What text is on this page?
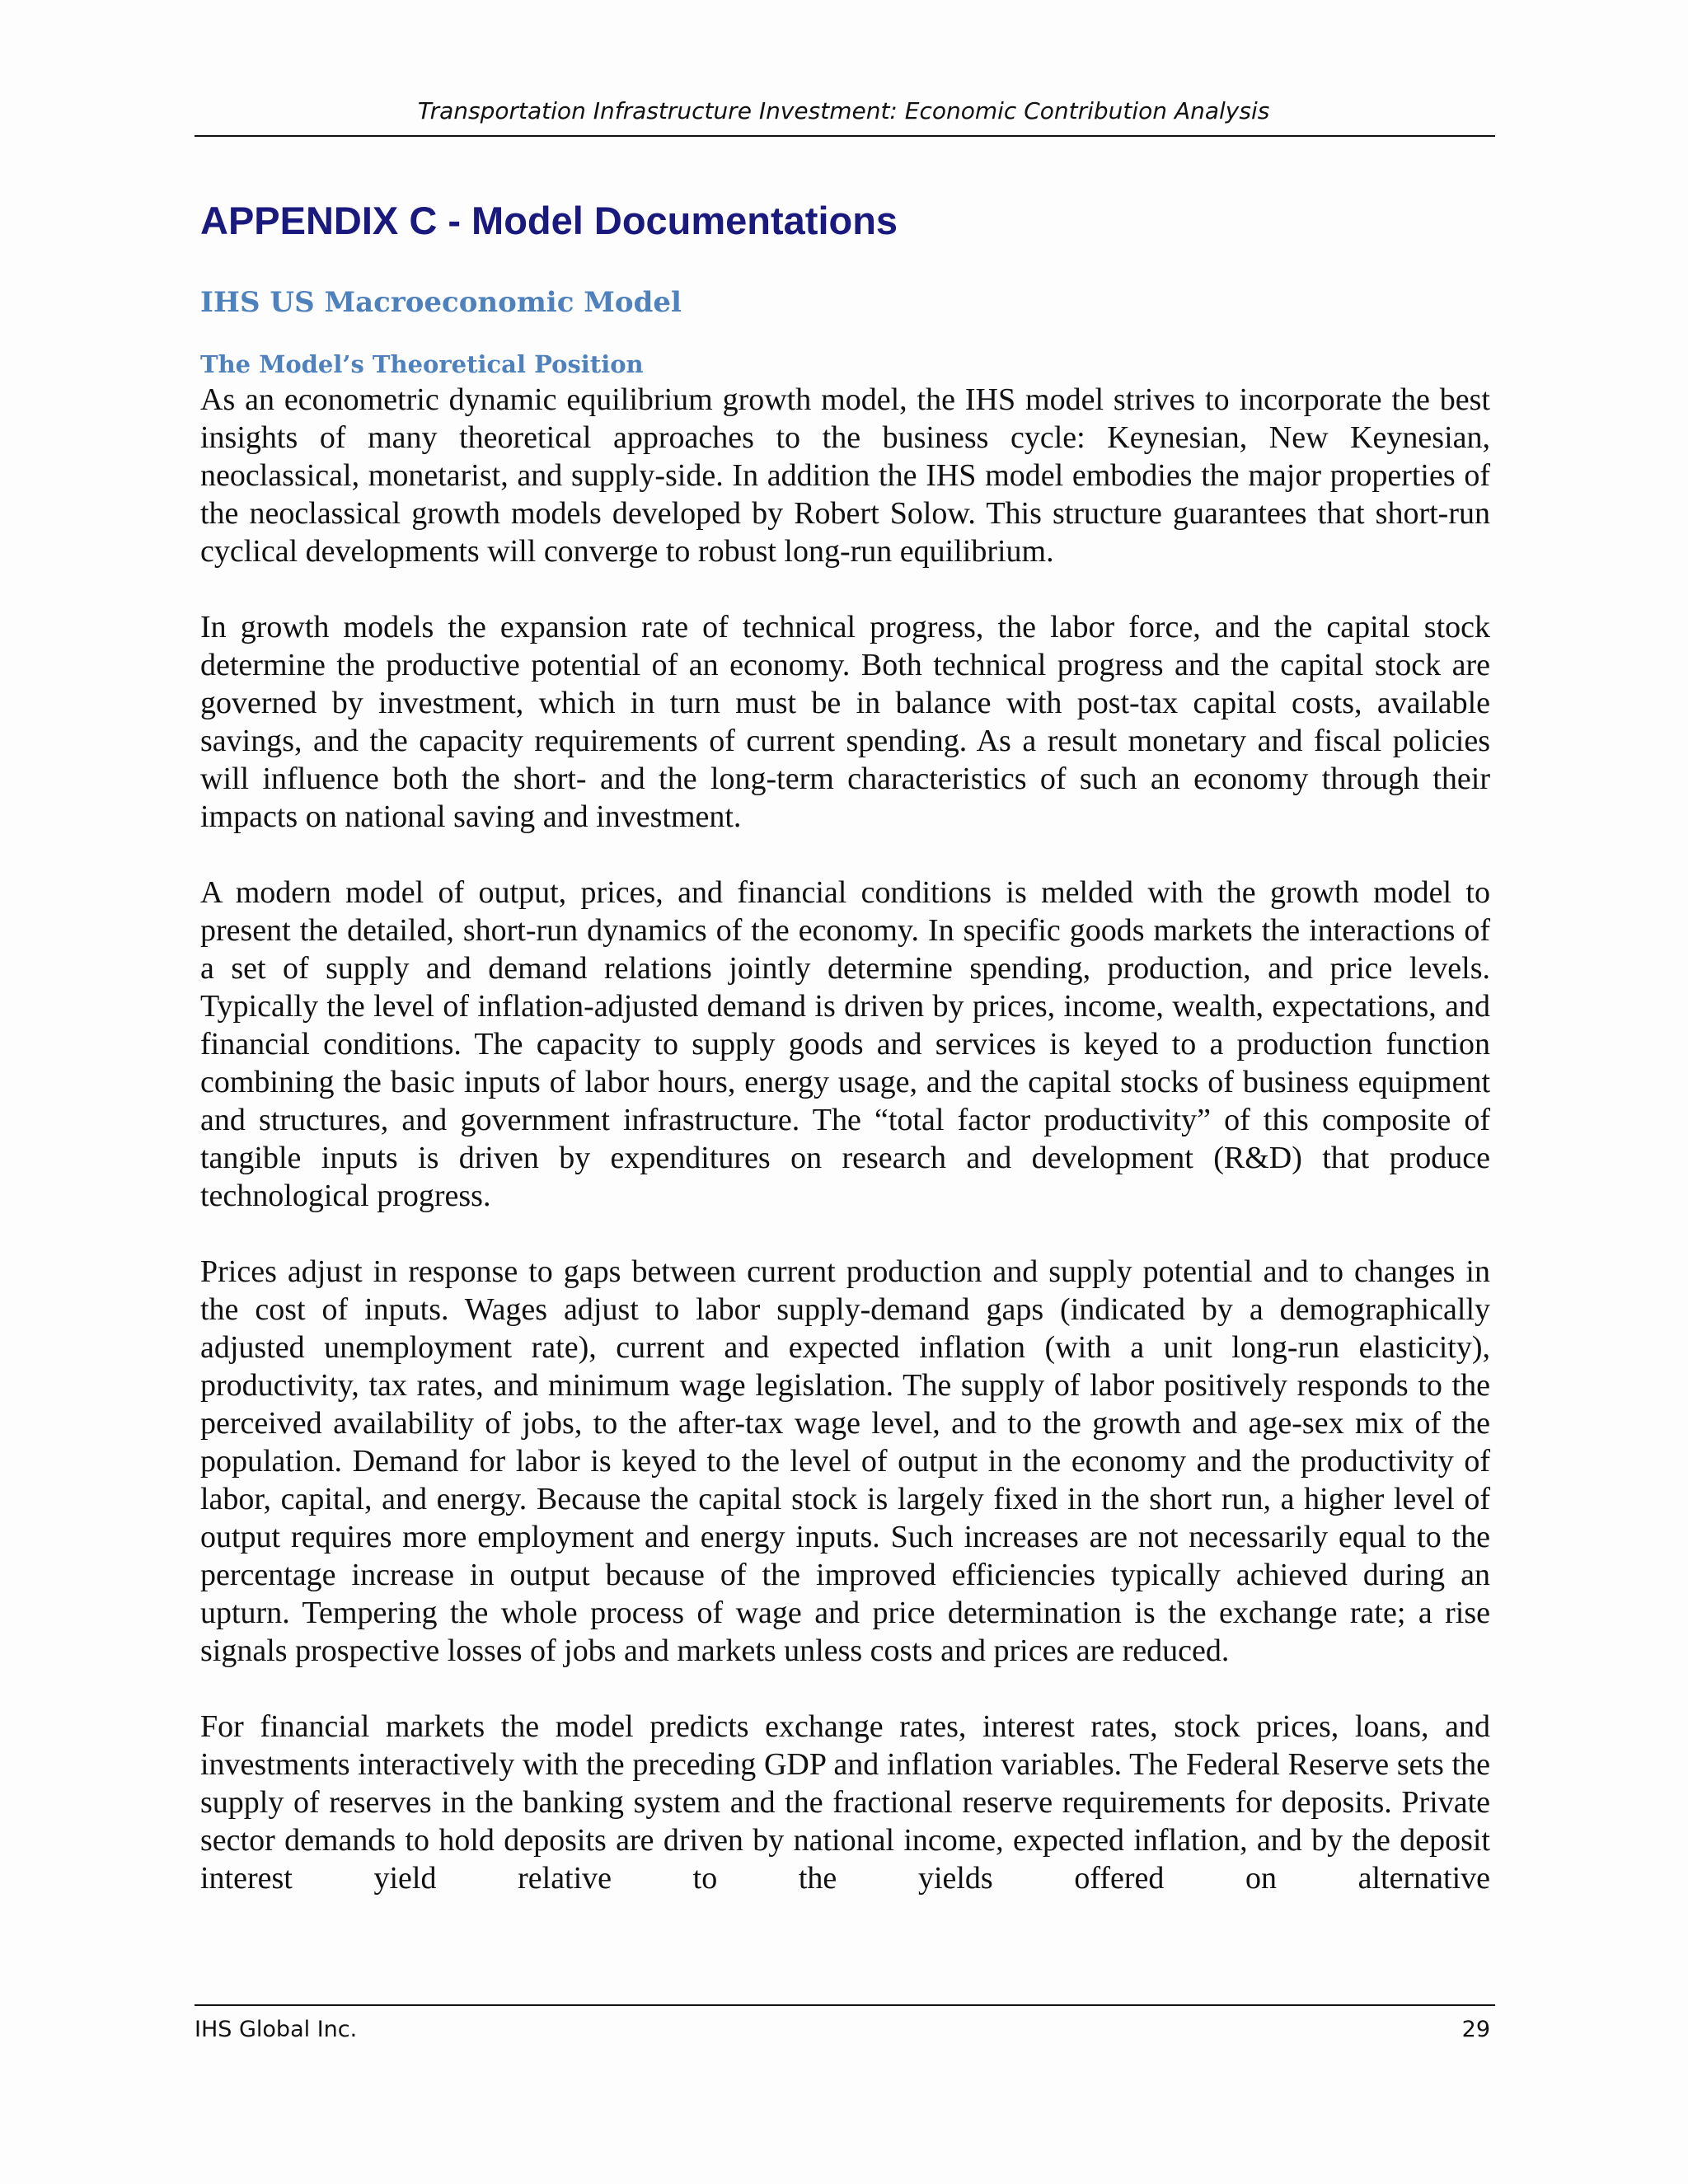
Transportation Infrastructure Investment: Economic Contribution Analysis
APPENDIX C - Model Documentations
IHS US Macroeconomic Model
The Model’s Theoretical Position

As an econometric dynamic equilibrium growth model, the IHS model strives to incorporate the best insights of many theoretical approaches to the business cycle: Keynesian, New Keynesian, neoclassical, monetarist, and supply-side. In addition the IHS model embodies the major properties of the neoclassical growth models developed by Robert Solow. This structure guarantees that short-run cyclical developments will converge to robust long-run equilibrium.

In growth models the expansion rate of technical progress, the labor force, and the capital stock determine the productive potential of an economy. Both technical progress and the capital stock are governed by investment, which in turn must be in balance with post-tax capital costs, available savings, and the capacity requirements of current spending. As a result monetary and fiscal policies will influence both the short- and the long-term characteristics of such an economy through their impacts on national saving and investment.

A modern model of output, prices, and financial conditions is melded with the growth model to present the detailed, short-run dynamics of the economy. In specific goods markets the interactions of a set of supply and demand relations jointly determine spending, production, and price levels. Typically the level of inflation-adjusted demand is driven by prices, income, wealth, expectations, and financial conditions. The capacity to supply goods and services is keyed to a production function combining the basic inputs of labor hours, energy usage, and the capital stocks of business equipment and structures, and government infrastructure. The “total factor productivity” of this composite of tangible inputs is driven by expenditures on research and development (R&D) that produce technological progress.

Prices adjust in response to gaps between current production and supply potential and to changes in the cost of inputs. Wages adjust to labor supply-demand gaps (indicated by a demographically adjusted unemployment rate), current and expected inflation (with a unit long-run elasticity), productivity, tax rates, and minimum wage legislation. The supply of labor positively responds to the perceived availability of jobs, to the after-tax wage level, and to the growth and age-sex mix of the population. Demand for labor is keyed to the level of output in the economy and the productivity of labor, capital, and energy. Because the capital stock is largely fixed in the short run, a higher level of output requires more employment and energy inputs. Such increases are not necessarily equal to the percentage increase in output because of the improved efficiencies typically achieved during an upturn. Tempering the whole process of wage and price determination is the exchange rate; a rise signals prospective losses of jobs and markets unless costs and prices are reduced.

For financial markets the model predicts exchange rates, interest rates, stock prices, loans, and investments interactively with the preceding GDP and inflation variables. The Federal Reserve sets the supply of reserves in the banking system and the fractional reserve requirements for deposits. Private sector demands to hold deposits are driven by national income, expected inflation, and by the deposit interest yield relative to the yields offered on alternative

IHS Global Inc.	29
